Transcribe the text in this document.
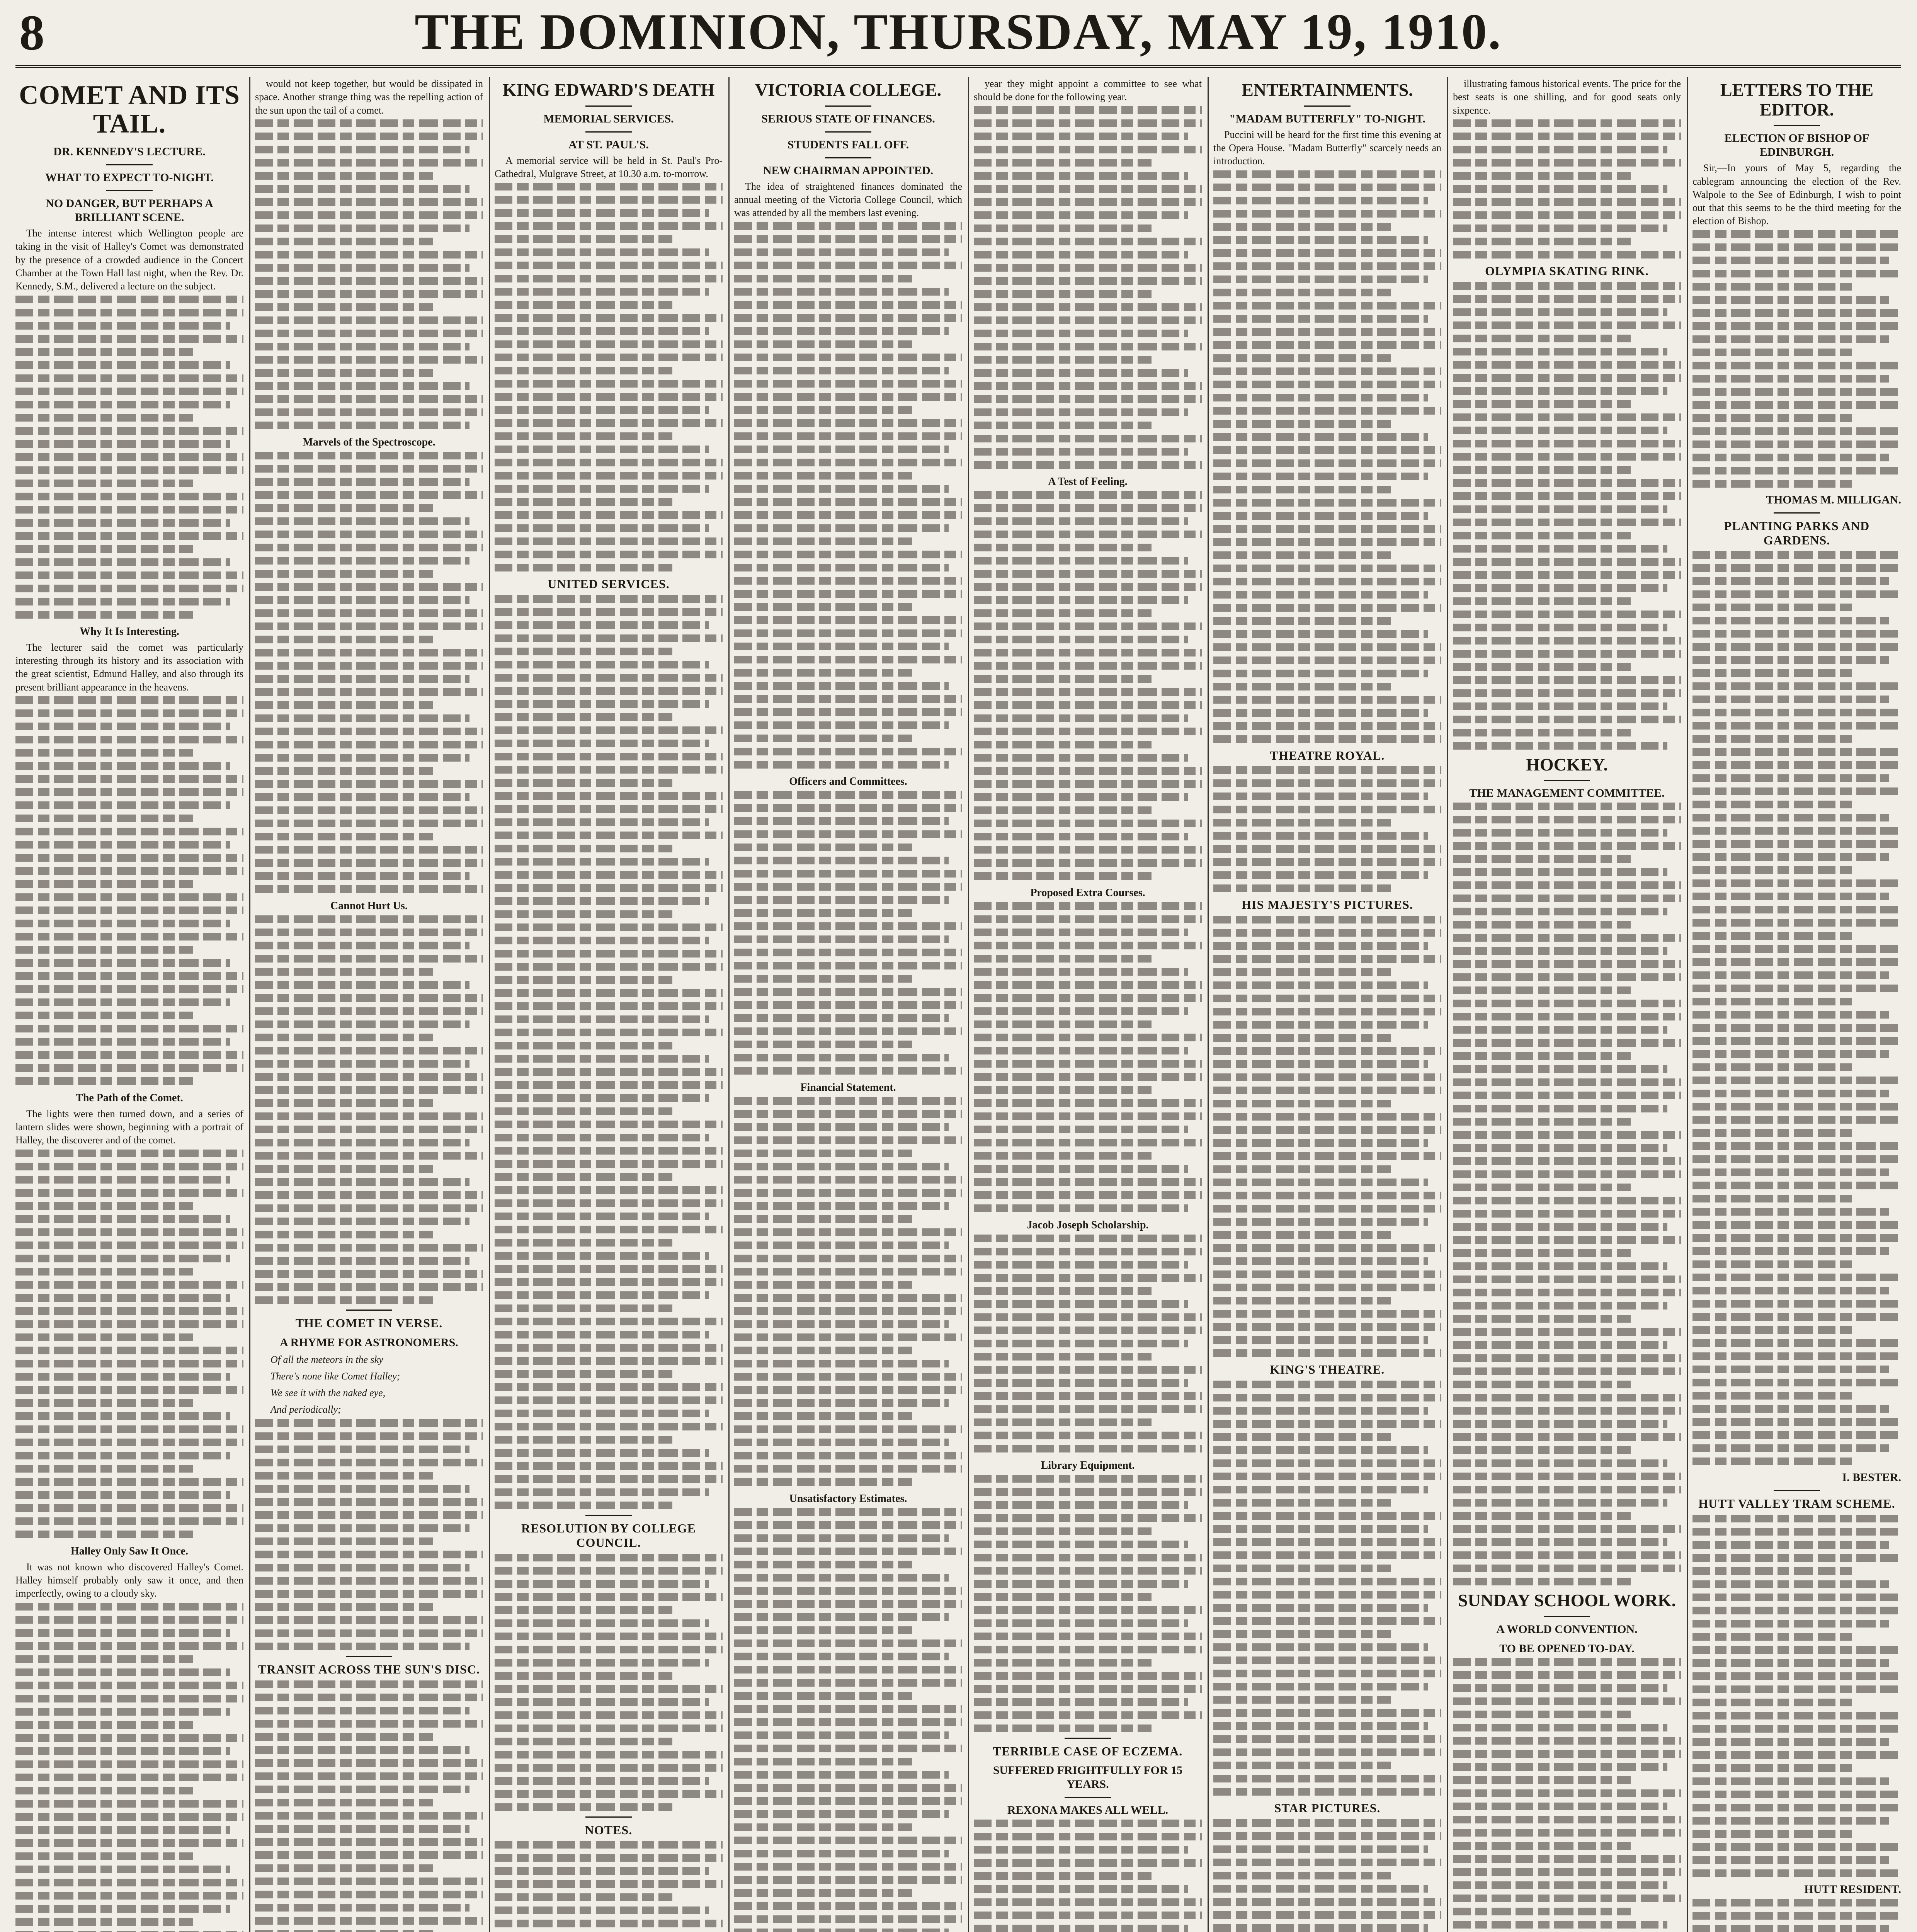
8	THE DOMINION, THURSDAY, MAY 19, 1910.
COMET AND ITS TAIL.
DR. KENNEDY'S LECTURE.
WHAT TO EXPECT TO-NIGHT.
NO DANGER, BUT PERHAPS A BRILLIANT SCENE.

The intense interest which Wellington people are taking in the visit of Halley's Comet was demonstrated by the presence of a crowded audience in the Concert Chamber at the Town Hall last night, when the Rev. Dr. Kennedy, S.M., delivered a lecture on the subject.

Why It Is Interesting.

The lecturer said the comet was particularly interesting through its history and its association with the great scientist, Edmund Halley, and also through its present brilliant appearance in the heavens.

The Path of the Comet.

The lights were then turned down, and a series of lantern slides were shown, beginning with a portrait of Halley, the discoverer and of the comet.

Halley Only Saw It Once.

It was not known who discovered Halley's Comet. Halley himself probably only saw it once, and then imperfectly, owing to a cloudy sky.

would not keep together, but would be dissipated in space. Another strange thing was the repelling action of the sun upon the tail of a comet.

Marvels of the Spectroscope.
Cannot Hurt Us.
THE COMET IN VERSE.
A RHYME FOR ASTRONOMERS.
Of all the meteors in the sky
There's none like Comet Halley;
We see it with the naked eye,
And periodically;
TRANSIT ACROSS THE SUN'S DISC.
KING EDWARD'S DEATH
MEMORIAL SERVICES.
AT ST. PAUL'S.

A memorial service will be held in St. Paul's Pro-Cathedral, Mulgrave Street, at 10.30 a.m. to-morrow.

UNITED SERVICES.
RESOLUTION BY COLLEGE COUNCIL.
NOTES.
VICTORIA COLLEGE.
SERIOUS STATE OF FINANCES.
STUDENTS FALL OFF.
NEW CHAIRMAN APPOINTED.

The idea of straightened finances dominated the annual meeting of the Victoria College Council, which was attended by all the members last evening.

Officers and Committees.
Financial Statement.
Unsatisfactory Estimates.

year they might appoint a committee to see what should be done for the following year.

A Test of Feeling.
Proposed Extra Courses.
Jacob Joseph Scholarship.
Library Equipment.
TERRIBLE CASE OF ECZEMA.
SUFFERED FRIGHTFULLY FOR 15 YEARS.
REXONA MAKES ALL WELL.
ENTERTAINMENTS.
"MADAM BUTTERFLY" TO-NIGHT.

Puccini will be heard for the first time this evening at the Opera House. "Madam Butterfly" scarcely needs an introduction.

THEATRE ROYAL.
HIS MAJESTY'S PICTURES.
KING'S THEATRE.
STAR PICTURES.

illustrating famous historical events. The price for the best seats is one shilling, and for good seats only sixpence.

OLYMPIA SKATING RINK.
HOCKEY.
THE MANAGEMENT COMMITTEE.
SUNDAY SCHOOL WORK.
A WORLD CONVENTION.
TO BE OPENED TO-DAY.
LETTERS TO THE EDITOR.
ELECTION OF BISHOP OF EDINBURGH.

Sir,—In yours of May 5, regarding the cablegram announcing the election of the Rev. Walpole to the See of Edinburgh, I wish to point out that this seems to be the third meeting for the election of Bishop.

THOMAS M. MILLIGAN.
PLANTING PARKS AND GARDENS.
I. BESTER.
HUTT VALLEY TRAM SCHEME.
HUTT RESIDENT.
